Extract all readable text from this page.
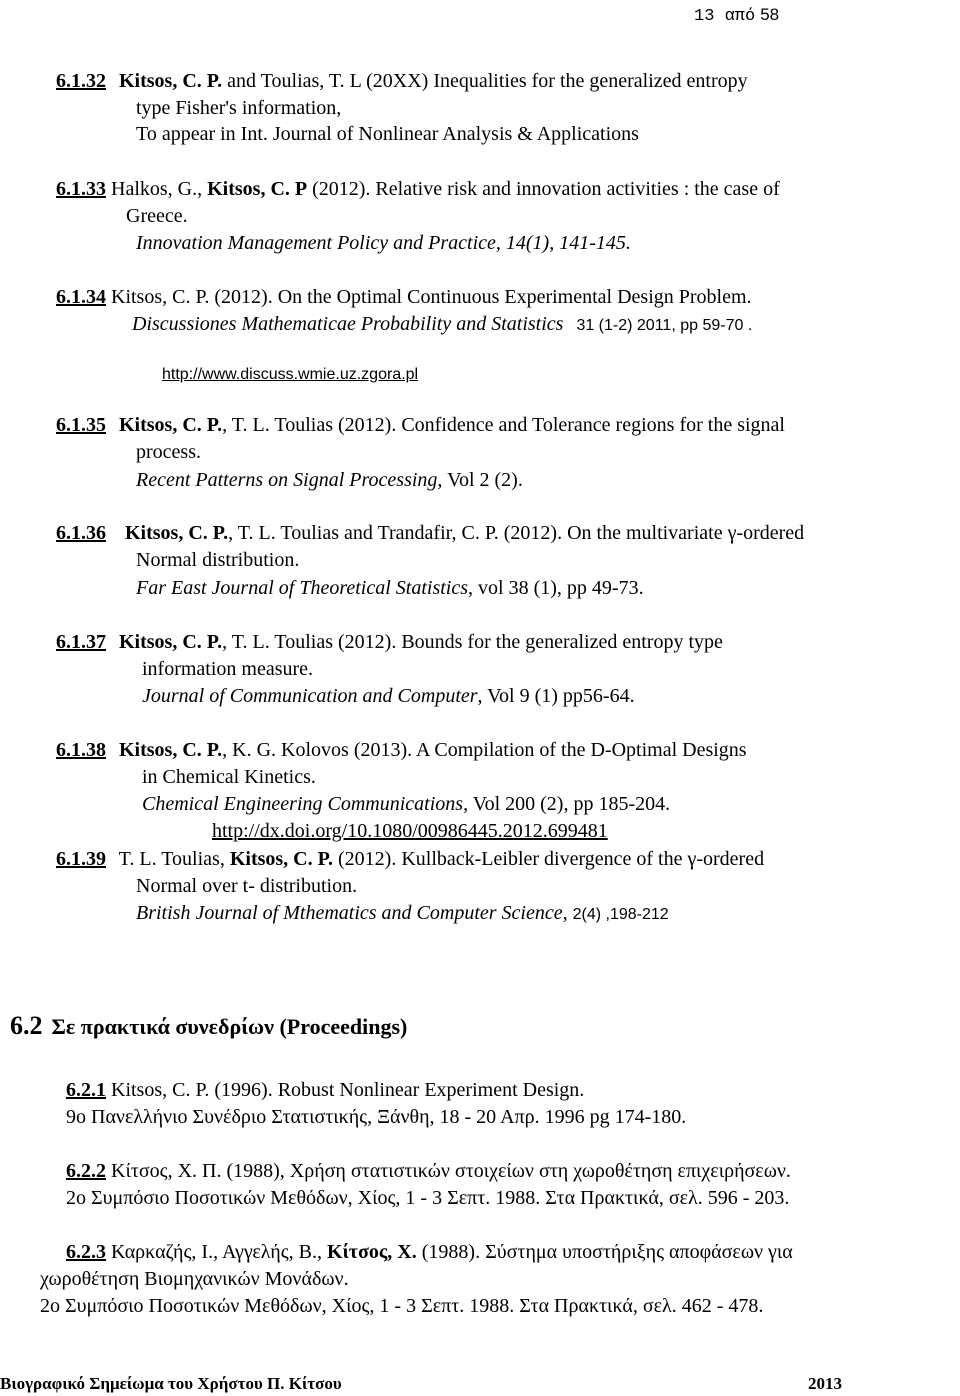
13 από 58
6.1.32 Kitsos, C. P. and Toulias, T. L (20XX) Inequalities for the generalized entropy
type Fisher's information,
To appear in Int. Journal of Nonlinear Analysis & Applications
6.1.33 Halkos, G., Kitsos, C. P (2012). Relative risk and innovation activities : the case of
Greece.
Innovation Management Policy and Practice, 14(1), 141-145.
6.1.34 Kitsos, C. P. (2012). On the Optimal Continuous Experimental Design Problem.
Discussiones Mathematicae Probability and Statistics 31 (1-2) 2011, pp 59-70 .
http://www.discuss.wmie.uz.zgora.pl
6.1.35 Kitsos, C. P., T. L. Toulias (2012). Confidence and Tolerance regions for the signal
process.
Recent Patterns on Signal Processing, Vol 2 (2).
6.1.36 Kitsos, C. P., T. L. Toulias and Trandafir, C. P. (2012). On the multivariate γ-ordered
Normal distribution.
Far East Journal of Theoretical Statistics, vol 38 (1), pp 49-73.
6.1.37 Kitsos, C. P., T. L. Toulias (2012). Bounds for the generalized entropy type
information measure.
Journal of Communication and Computer, Vol 9 (1) pp56-64.
6.1.38 Kitsos, C. P., K. G. Kolovos (2013). A Compilation of the D-Optimal Designs
in Chemical Kinetics.
Chemical Engineering Communications, Vol 200 (2), pp 185-204.
http://dx.doi.org/10.1080/00986445.2012.699481
6.1.39 T. L. Toulias, Kitsos, C. P. (2012). Kullback-Leibler divergence of the γ-ordered
Normal over t- distribution.
British Journal of Mthematics and Computer Science, 2(4) ,198-212
6.2 Σε πρακτικά συνεδρίων (Proceedings)
6.2.1 Kitsos, C. P. (1996). Robust Nonlinear Experiment Design.
9ο Πανελλήνιο Συνέδριο Στατιστικής, Ξάνθη, 18 - 20 Απρ. 1996 pg 174-180.
6.2.2 Κίτσος, Χ. Π. (1988), Χρήση στατιστικών στοιχείων στη χωροθέτηση επιχειρήσεων.
2ο Συμπόσιο Ποσοτικών Μεθόδων, Χίος, 1 - 3 Σεπτ. 1988. Στα Πρακτικά, σελ. 596 - 203.
6.2.3 Καρκαζής, Ι., Αγγελής, Β., Κίτσος, Χ. (1988). Σύστημα υποστήριξης αποφάσεων για
χωροθέτηση Βιομηχανικών Μονάδων.
2ο Συμπόσιο Ποσοτικών Μεθόδων, Χίος, 1 - 3 Σεπτ. 1988. Στα Πρακτικά, σελ. 462 - 478.
Βιογραφικό Σημείωμα του Χρήστου Π. Κίτσου	2013
